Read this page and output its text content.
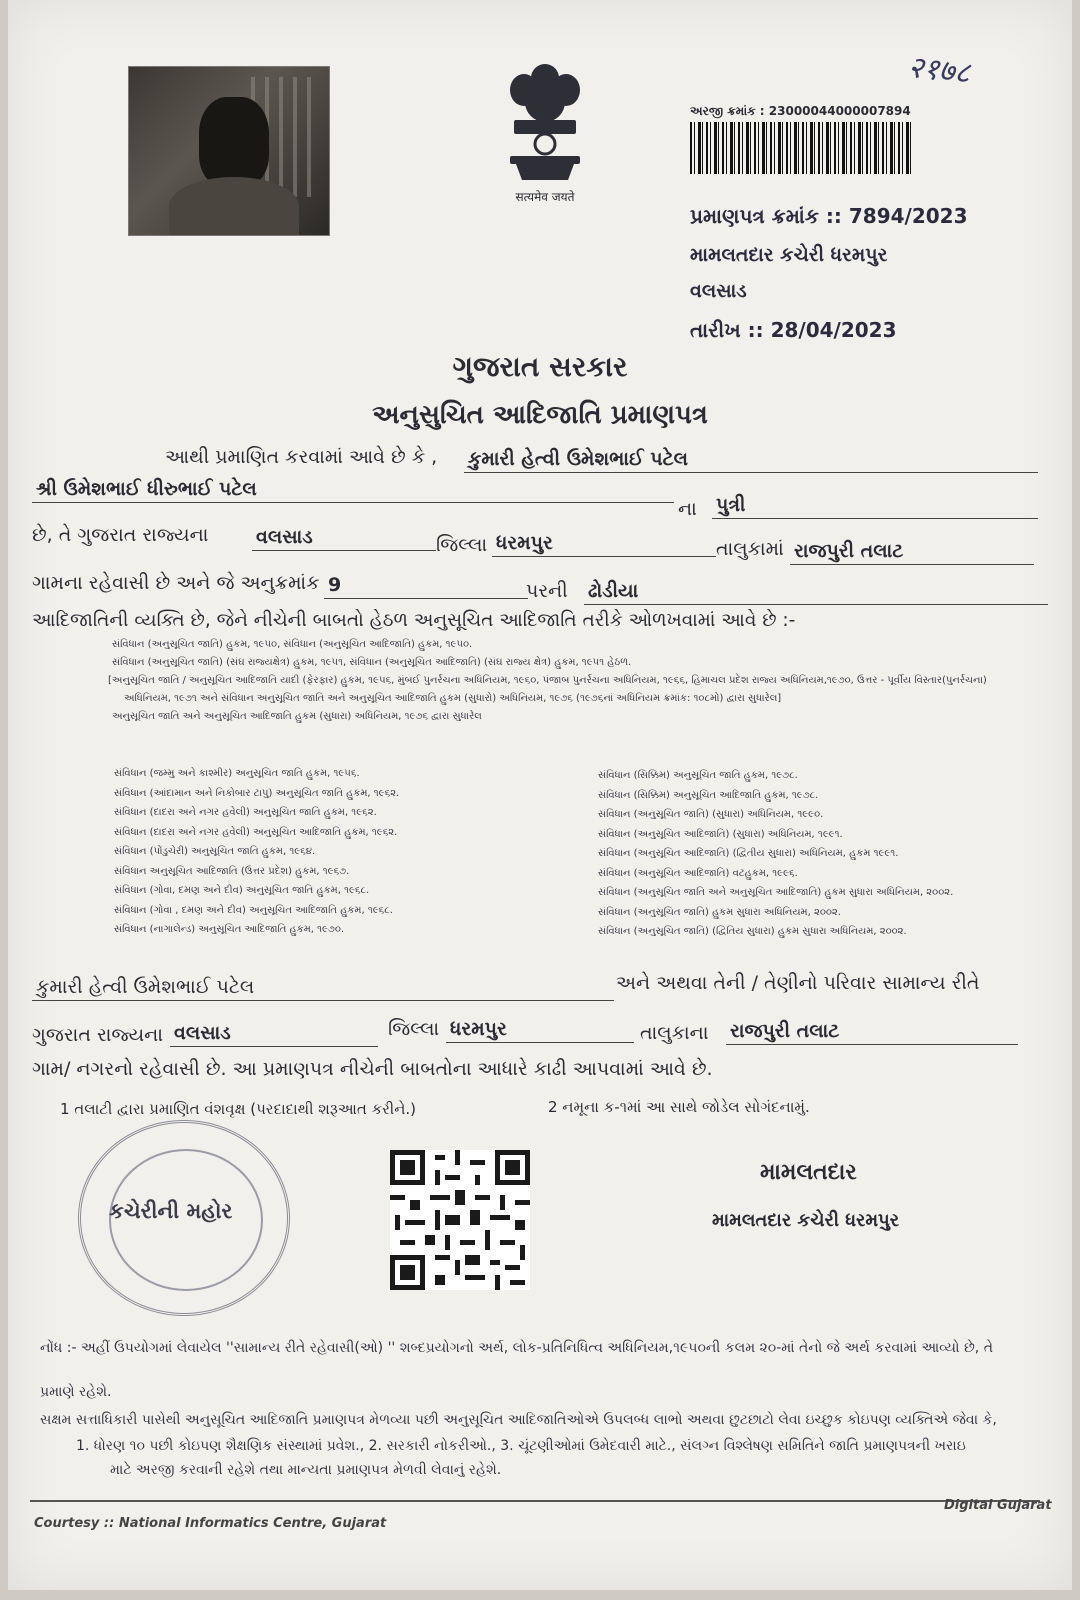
सत्यमेव जयते
२१७८
અરજી ક્રમાંક : 23000044000007894
પ્રમાણપત્ર ક્રમાંક :: 7894/2023
મામલતદાર કચેરી ધરમપુર
વલસાડ
તારીખ :: 28/04/2023
ગુજરાત સરકાર
અનુસુચિત આદિજાતિ પ્રમાણપત્ર
આથી પ્રમાણિત કરવામાં આવે છે કે , કુમારી હેત્વી ઉમેશભાઈ પટેલ
શ્રી ઉમેશભાઈ ધીરુભાઈ પટેલ
ના પુત્રી
છે, તે ગુજરાત રાજ્યના	વલસાડ	જિલ્લા ધરમપુર	તાલુકામાં રાજપુરી તલાટ
ગામના રહેવાસી છે અને જે અનુક્રમાંક 9	પરની ઢોડીયા
આદિજાતિની વ્યક્તિ છે, જેને નીચેની બાબતો હેઠળ અનુસૂચિત આદિજાતિ તરીકે ઓળખવામાં આવે છે :-
સંવિધાન (અનુસૂચિત જાતિ) હુકમ, ૧૯૫૦, સંવિધાન (અનુસૂચિત આદિજાતિ) હુકમ, ૧૯૫૦.
સંવિધાન (અનુસૂચિત જાતિ) (સંઘ રાજ્યક્ષેત્ર) હુકમ, ૧૯૫૧, સંવિધાન (અનુસૂચિત આદિજાતિ) (સંઘ રાજ્ય ક્ષેત્ર) હુકમ, ૧૯૫૧ હેઠળ.
[અનુસૂચિત જાતિ / અનુસૂચિત આદિજાતિ યાદી (ફેરફાર) હુકમ, ૧૯૫૬, મુંબઈ પુનર્રચના અધિનિયમ, ૧૯૬૦, પંજાબ પુનર્રચના અધિનિયમ, ૧૯૬૬, હિમાચલ પ્રદેશ રાજ્ય અધિનિયમ,૧૯૭૦, ઉત્તર - પૂર્વીય વિસ્તાર(પુનર્રચના)
અધિનિયમ, ૧૯૭૧ અને સંવિધાન અનુસૂચિત જાતિ અને અનુસૂચિત આદિજાતિ હુકમ (સુધારો) અધિનિયમ, ૧૯૭૬ (૧૯૭૬નાં અધિનિયમ ક્રમાંક: ૧૦૮મો) દ્વારા સુધારેલ]
અનુસૂચિત જાતિ અને અનુસૂચિત આદિજાતિ હુકમ (સુધારા) અધિનિયમ, ૧૯૭૬ દ્વારા સુધારેલ
સંવિધાન (જમ્મુ અને કાશ્મીર) અનુસૂચિત જાતિ હુકમ, ૧૯૫૬.
સંવિધાન (આંદામાન અને નિકોબાર ટાપુ) અનુસૂચિત જાતિ હુકમ, ૧૯૬૨.
સંવિધાન (દાદરા અને નગર હવેલી) અનુસૂચિત જાતિ હુકમ, ૧૯૬૨.
સંવિધાન (દાદરા અને નગર હવેલી) અનુસૂચિત આદિજાતિ હુકમ, ૧૯૬૨.
સંવિધાન (પોંડુચેરી) અનુસૂચિત જાતિ હુકમ, ૧૯૬૪.
સંવિધાન અનુસૂચિત આદિજાતિ (ઉત્તર પ્રદેશ) હુકમ, ૧૯૬૭.
સંવિધાન (ગોવા, દમણ અને દીવ) અનુસૂચિત જાતિ હુકમ, ૧૯૬૮.
સંવિધાન (ગોવા , દમણ અને દીવ) અનુસૂચિત આદિજાતિ હુકમ, ૧૯૬૮.
સંવિધાન (નાગાલેન્ડ) અનુસૂચિત આદિજાતિ હુકમ, ૧૯૭૦.
સંવિધાન (સિક્કિમ) અનુસૂચિત જાતિ હુકમ, ૧૯૭૮.
સંવિધાન (સિક્કિમ) અનુસૂચિત આદિજાતિ હુકમ, ૧૯૭૮.
સંવિધાન (અનુસૂચિત જાતિ) (સુધારા) અધિનિયમ, ૧૯૯૦.
સંવિધાન (અનુસૂચિત આદિજાતિ) (સુધારા) અધિનિયમ, ૧૯૯૧.
સંવિધાન (અનુસૂચિત આદિજાતિ) (દ્વિતીય સુધારા) અધિનિયમ, હુકમ ૧૯૯૧.
સંવિધાન (અનુસૂચિત આદિજાતિ) વટહુકમ, ૧૯૯૬.
સંવિધાન (અનુસૂચિત જાતિ અને અનુસૂચિત આદિજાતિ) હુકમ સુધારા અધિનિયમ, ૨૦૦૨.
સંવિધાન (અનુસૂચિત જાતિ) હુકમ સુધારા અધિનિયમ, ૨૦૦૨.
સંવિધાન (અનુસૂચિત જાતિ) (દ્વિતિય સુધારા) હુકમ સુધારા અધિનિયમ, ૨૦૦૨.
કુમારી હેત્વી ઉમેશભાઈ પટેલ	અને અથવા તેની / તેણીનો પરિવાર સામાન્ય રીતે
ગુજરાત રાજ્યના વલસાડ	જિલ્લા ધરમપુર	તાલુકાના રાજપુરી તલાટ
ગામ/ નગરનો રહેવાસી છે. આ પ્રમાણપત્ર નીચેની બાબતોના આધારે કાઢી આપવામાં આવે છે.
1 તલાટી દ્વારા પ્રમાણિત વંશવૃક્ષ (પરદાદાથી શરૂઆત કરીને.)	2 નમૂના ક-૧માં આ સાથે જોડેલ સોગંદનામું.
કચેરીની મહોર
મામલતદાર
મામલતદાર કચેરી ધરમપુર
નોંધ :- અહીં ઉપયોગમાં લેવાયેલ ''સામાન્ય રીતે રહેવાસી(ઓ) '' શબ્દપ્રયોગનો અર્થ, લોક-પ્રતિનિધિત્વ અધિનિયમ,૧૯૫૦ની કલમ ૨૦-માં તેનો જે અર્થ કરવામાં આવ્યો છે, તે
પ્રમાણે રહેશે.
સક્ષમ સત્તાધિકારી પાસેથી અનુસૂચિત આદિજાતિ પ્રમાણપત્ર મેળવ્યા પછી અનુસૂચિત આદિજાતિઓએ ઉપલબ્ધ લાભો અથવા છુટછાટો લેવા ઇચ્છુક કોઇપણ વ્યક્તિએ જેવા કે,
1. ધોરણ ૧૦ પછી કોઇપણ શૈક્ષણિક સંસ્થામાં પ્રવેશ., 2. સરકારી નોકરીઓ., 3. ચૂંટણીઓમાં ઉમેદવારી માટે., સંલગ્ન વિશ્લેષણ સમિતિને જાતિ પ્રમાણપત્રની ખરાઇ
માટે અરજી કરવાની રહેશે તથા માન્યતા પ્રમાણપત્ર મેળવી લેવાનું રહેશે.
Courtesy :: National Informatics Centre, Gujarat
Digital Gujarat
